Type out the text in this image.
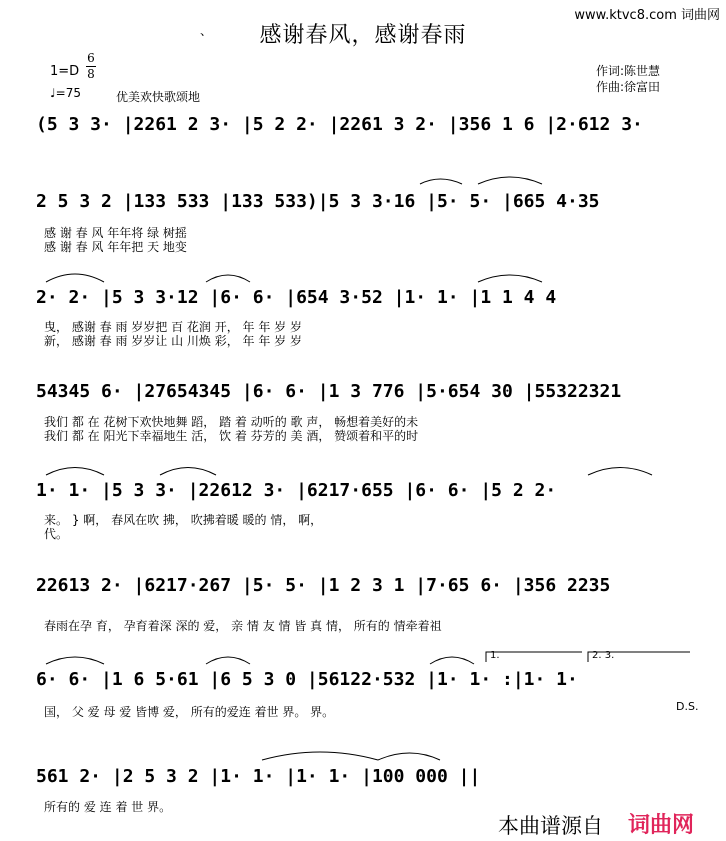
www.ktvc8.com 词曲网
、	感谢春风，感谢春雨
1=D
6
8
♩=75	优美欢快歌颂地
作词:陈世慧
作曲:徐富田
(5 3 3· |2261 2 3· |5 2 2· |2261 3 2· |356 1 6 |2·612 3·
2 5 3 2 |133 533 |133 533)|5 3 3·16 |5· 5· |665 4·35
2· 2· |5 3 3·12 |6· 6· |654 3·52 |1· 1· |1 1 4 4
54345 6· |27654345 |6· 6· |1 3 776 |5·654 30 |55322321
1· 1· |5 3 3· |22612 3· |6217·655 |6· 6· |5 2 2·
22613 2· |6217·267 |5· 5· |1 2 3 1 |7·65 6· |356 2235
6· 6· |1 6 5·61 |6 5 3 0 |56122·532 |1· 1· :|1· 1·
561 2· |2 5 3 2 |1· 1· |1· 1· |100 000 ||
感 谢 春 风 年年将 绿 树摇
感 谢 春 风 年年把 天 地变
曳， 感谢 春 雨 岁岁把 百 花润 开， 年 年 岁 岁
新， 感谢 春 雨 岁岁让 山 川焕 彩， 年 年 岁 岁
我们 都 在 花树下欢快地舞 蹈， 踏 着 动听的 歌 声， 畅想着美好的未
我们 都 在 阳光下幸福地生 活， 饮 着 芬芳的 美 酒， 赞颂着和平的时
来。 } 啊， 春风在吹 拂， 吹拂着暖 暖的 情， 啊，
代。
春雨在孕 育， 孕育着深 深的 爱， 亲 情 友 情 皆 真 情， 所有的 情牵着祖
国， 父 爱 母 爱 皆博 爱， 所有的爱连 着世 界。 界。
所有的 爱 连 着 世 界。
1.	2. 3.
D.S.
本曲谱源自 词曲网
